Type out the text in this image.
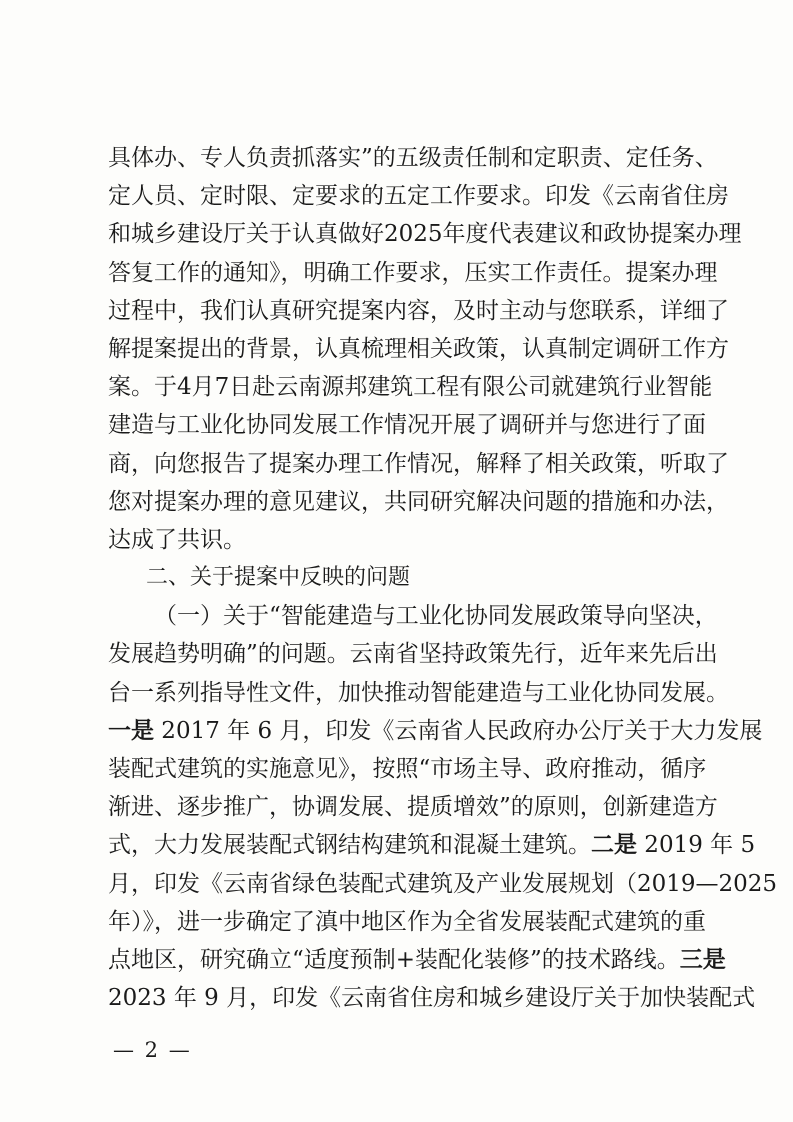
具体办、专人负责抓落实”的五级责任制和定职责、定任务、
定人员、定时限、定要求的五定工作要求。印发《云南省住房
和城乡建设厅关于认真做好2025年度代表建议和政协提案办理
答复工作的通知》，明确工作要求，压实工作责任。提案办理
过程中，我们认真研究提案内容，及时主动与您联系，详细了
解提案提出的背景，认真梳理相关政策，认真制定调研工作方
案。于4月7日赴云南源邦建筑工程有限公司就建筑行业智能
建造与工业化协同发展工作情况开展了调研并与您进行了面
商，向您报告了提案办理工作情况，解释了相关政策，听取了
您对提案办理的意见建议，共同研究解决问题的措施和办法，
达成了共识。
二、关于提案中反映的问题
（一）关于“智能建造与工业化协同发展政策导向坚决，
发展趋势明确”的问题。云南省坚持政策先行，近年来先后出
台一系列指导性文件，加快推动智能建造与工业化协同发展。
一是 2017 年 6 月，印发《云南省人民政府办公厅关于大力发展
装配式建筑的实施意见》，按照“市场主导、政府推动，循序
渐进、逐步推广，协调发展、提质增效”的原则，创新建造方
式，大力发展装配式钢结构建筑和混凝土建筑。二是 2019 年 5
月，印发《云南省绿色装配式建筑及产业发展规划（2019—2025
年）》，进一步确定了滇中地区作为全省发展装配式建筑的重
点地区，研究确立“适度预制+装配化装修”的技术路线。三是
2023 年 9 月，印发《云南省住房和城乡建设厅关于加快装配式
— 2 —
